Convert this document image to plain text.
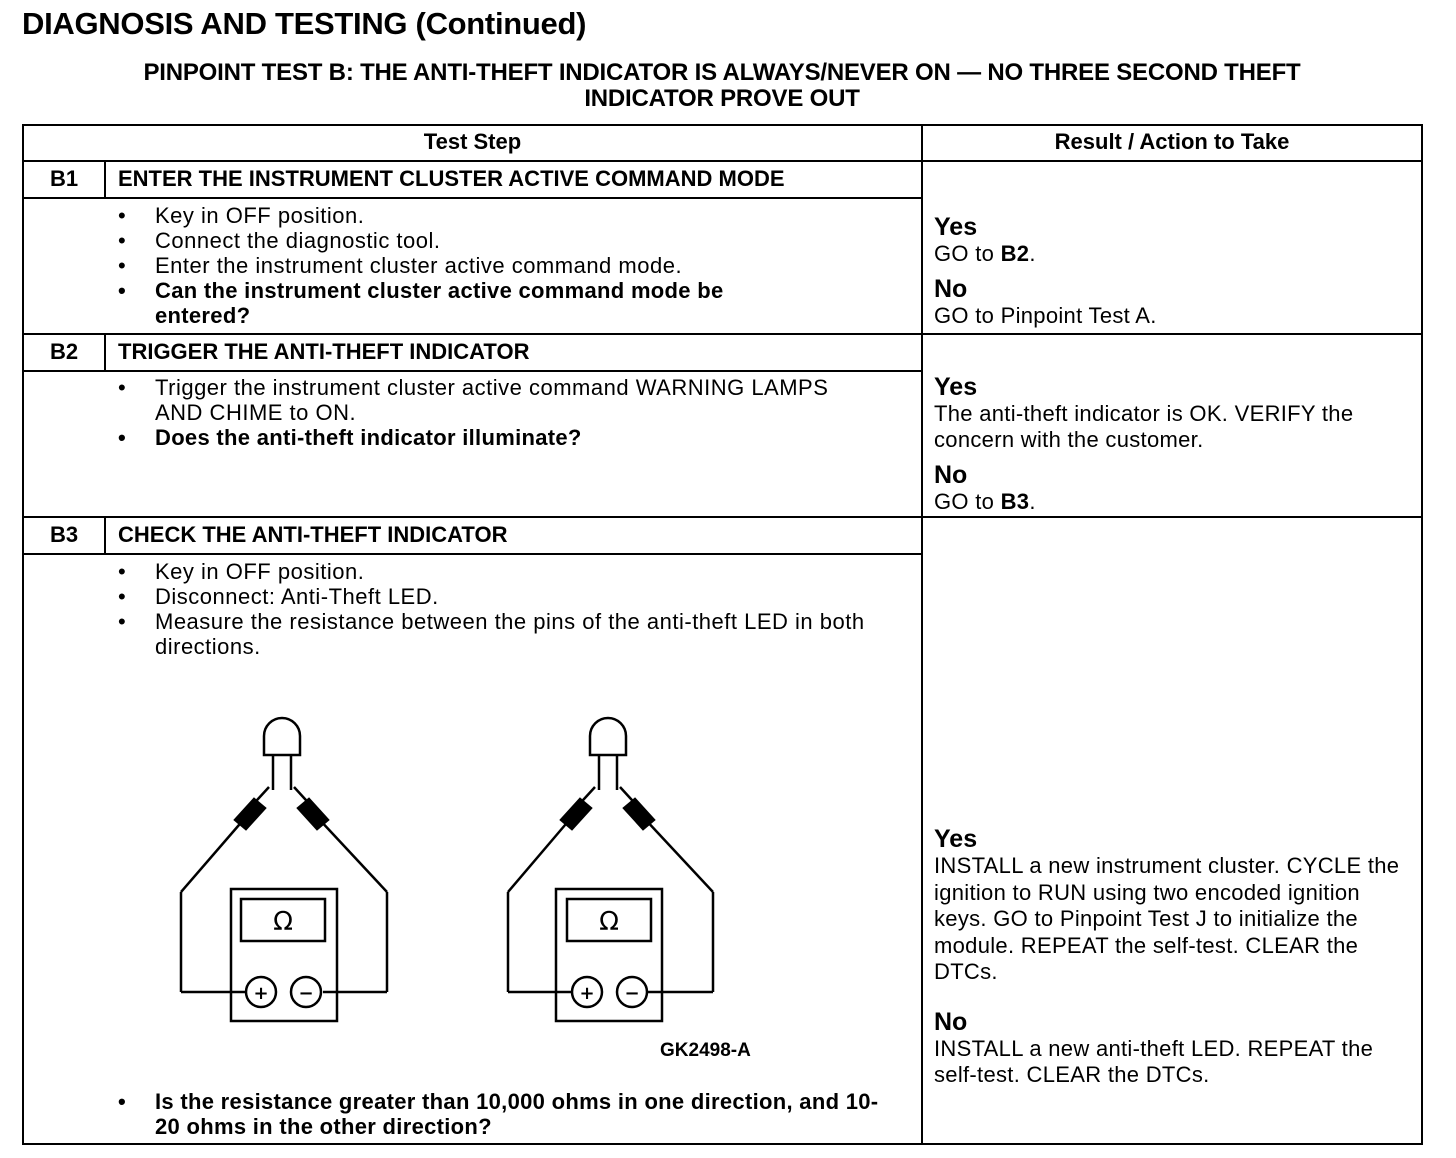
DIAGNOSIS AND TESTING (Continued)
PINPOINT TEST B: THE ANTI-THEFT INDICATOR IS ALWAYS/NEVER ON — NO THREE SECOND THEFT
INDICATOR PROVE OUT
Test Step	Result / Action to Take
B1	ENTER THE INSTRUMENT CLUSTER ACTIVE COMMAND MODE
• Key in OFF position.
• Connect the diagnostic tool.
• Enter the instrument cluster active command mode.
• Can the instrument cluster active command mode be entered?
Yes
GO to B2.
No
GO to Pinpoint Test A.
B2	TRIGGER THE ANTI-THEFT INDICATOR
• Trigger the instrument cluster active command WARNING LAMPS AND CHIME to ON.
• Does the anti-theft indicator illuminate?
Yes
The anti-theft indicator is OK. VERIFY the concern with the customer.
No
GO to B3.
B3	CHECK THE ANTI-THEFT INDICATOR
• Key in OFF position.
• Disconnect: Anti-Theft LED.
• Measure the resistance between the pins of the anti-theft LED in both directions.
Ω	Ω
+ −	+ −
GK2498-A
• Is the resistance greater than 10,000 ohms in one direction, and 10-20 ohms in the other direction?
Yes
INSTALL a new instrument cluster. CYCLE the ignition to RUN using two encoded ignition keys. GO to Pinpoint Test J to initialize the module. REPEAT the self-test. CLEAR the DTCs.
No
INSTALL a new anti-theft LED. REPEAT the self-test. CLEAR the DTCs.
